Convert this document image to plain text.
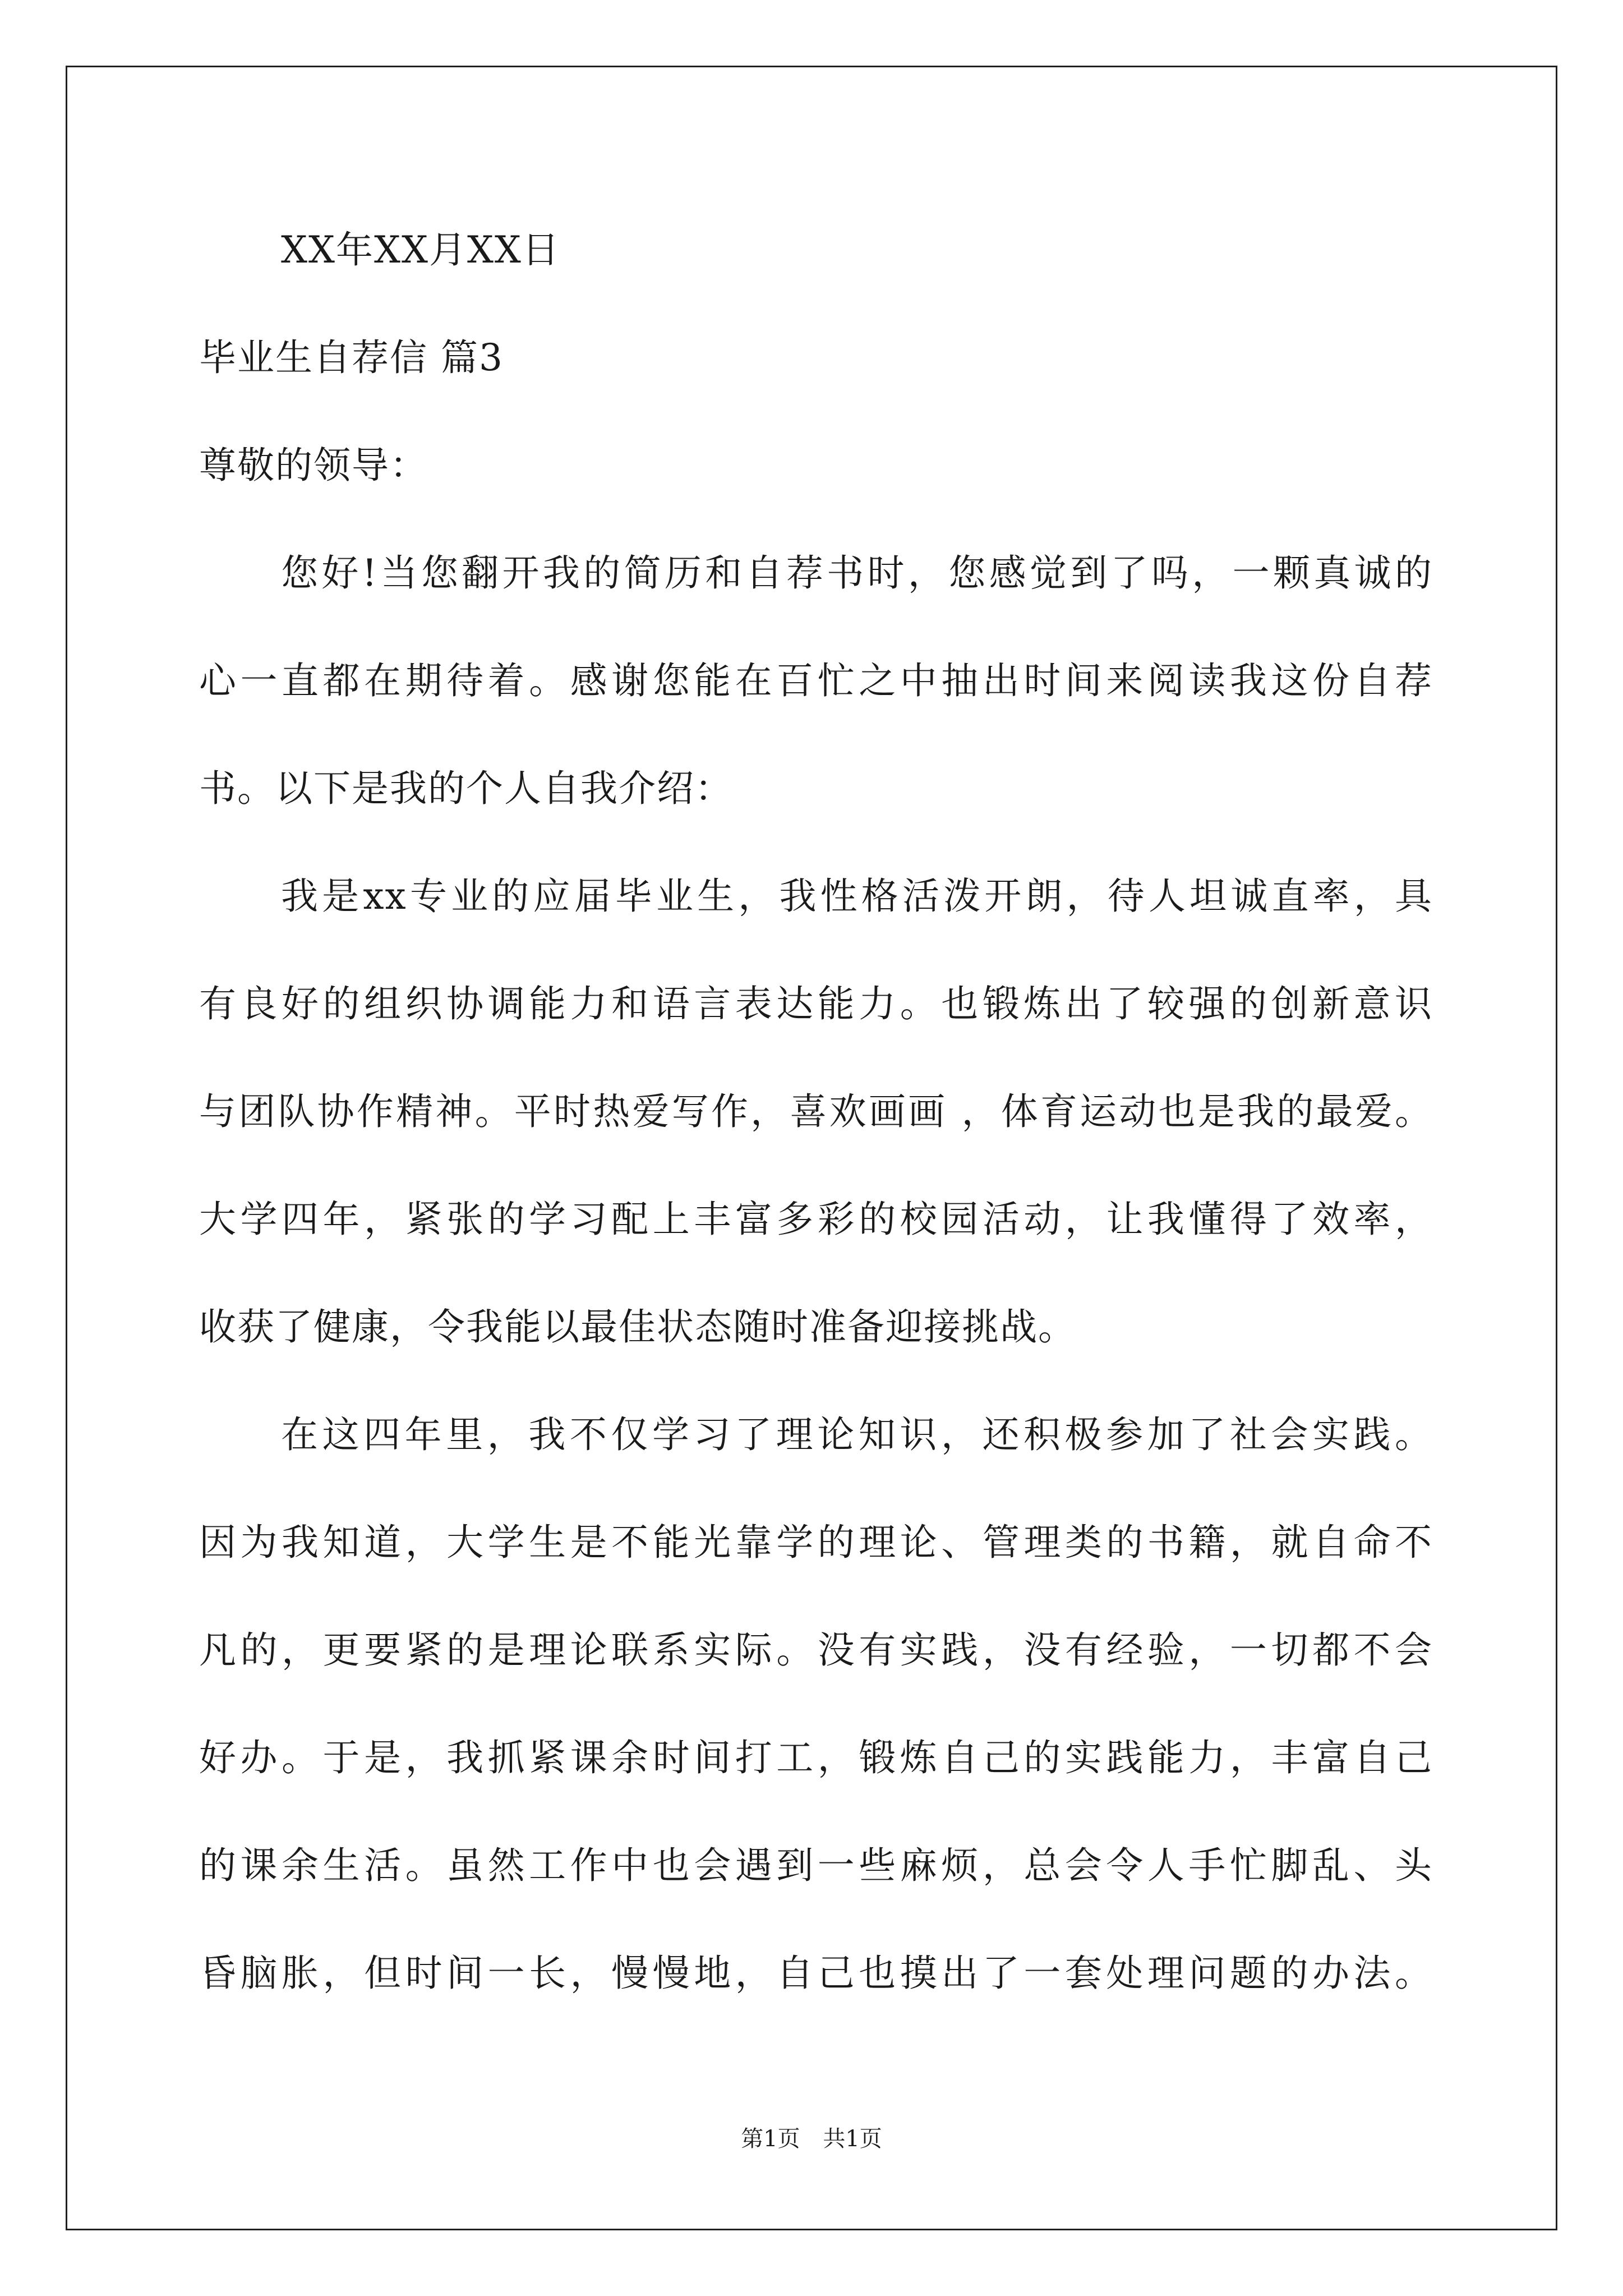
XX年XX月XX日
毕业生自荐信 篇3
尊敬的领导：
您好!当您翻开我的简历和自荐书时，您感觉到了吗，一颗真诚的
心一直都在期待着。感谢您能在百忙之中抽出时间来阅读我这份自荐
书。以下是我的个人自我介绍：
我是xx专业的应届毕业生，我性格活泼开朗，待人坦诚直率，具
有良好的组织协调能力和语言表达能力。也锻炼出了较强的创新意识
与团队协作精神。平时热爱写作，喜欢画画 ，体育运动也是我的最爱。
大学四年，紧张的学习配上丰富多彩的校园活动，让我懂得了效率，
收获了健康，令我能以最佳状态随时准备迎接挑战。
在这四年里，我不仅学习了理论知识，还积极参加了社会实践。
因为我知道，大学生是不能光靠学的理论、管理类的书籍，就自命不
凡的，更要紧的是理论联系实际。没有实践，没有经验，一切都不会
好办。于是，我抓紧课余时间打工，锻炼自己的实践能力，丰富自己
的课余生活。虽然工作中也会遇到一些麻烦，总会令人手忙脚乱、头
昏脑胀，但时间一长，慢慢地，自己也摸出了一套处理问题的办法。
第1页 共1页
